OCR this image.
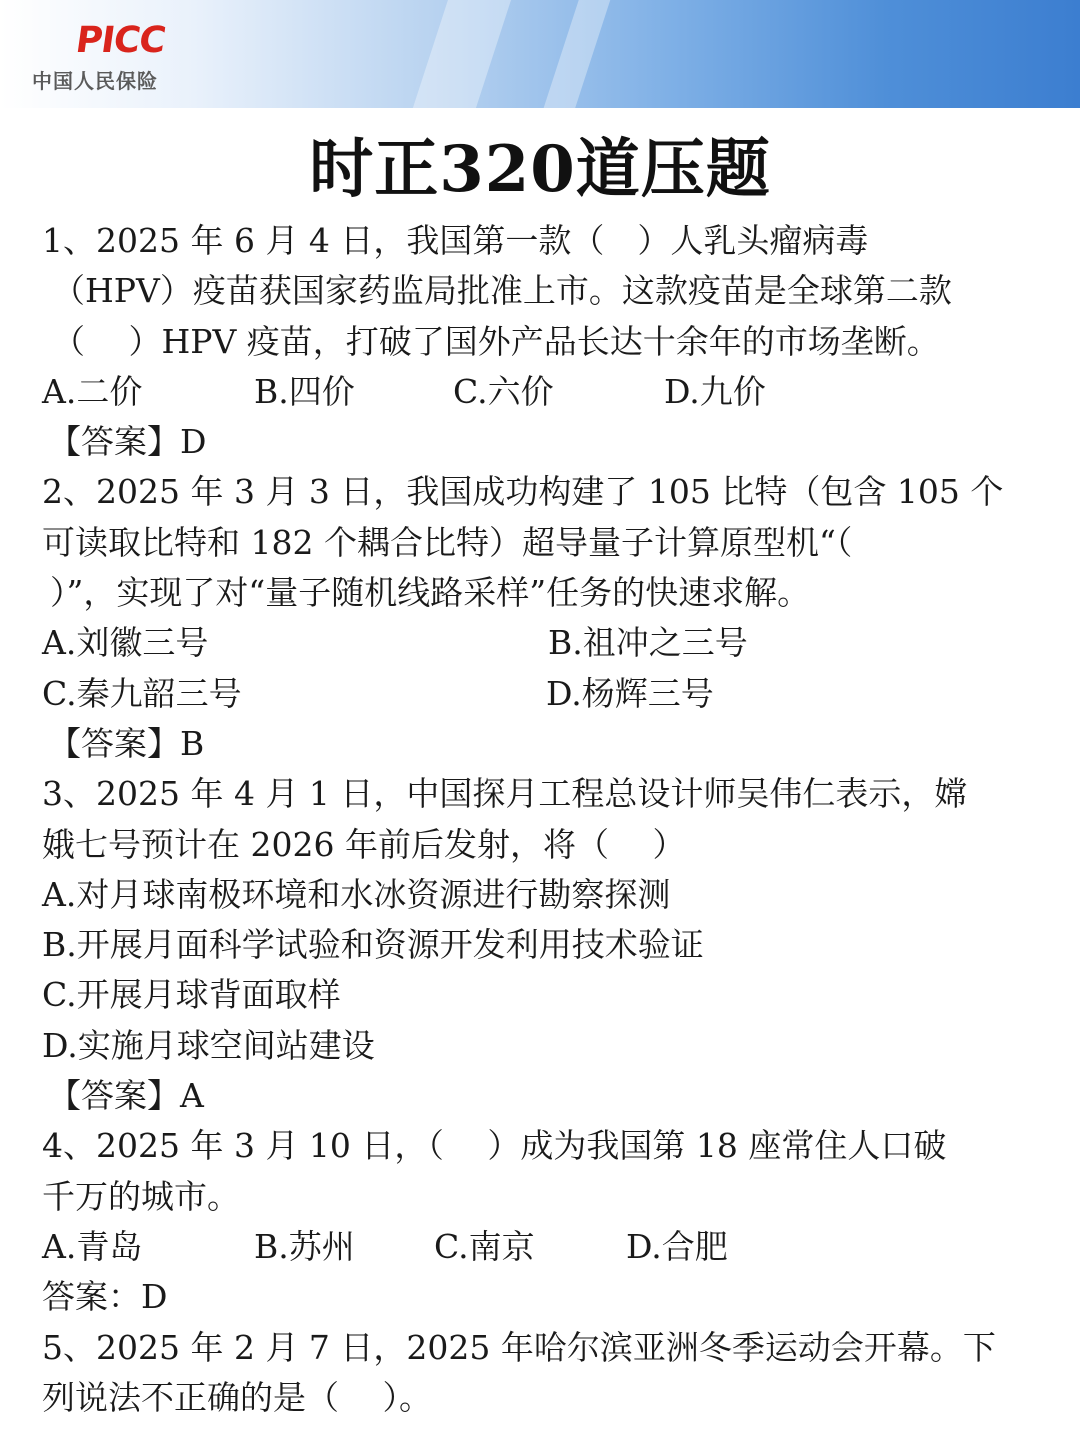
PICC
中国人民保险
时正320道压题
1、2025 年 6 月 4 日，我国第一款（　）人乳头瘤病毒
（HPV）疫苗获国家药监局批准上市。这款疫苗是全球第二款
（　 ）HPV 疫苗，打破了国外产品长达十余年的市场垄断。
A.二价	B.四价	C.六价	D.九价
【答案】D
2、2025 年 3 月 3 日，我国成功构建了 105 比特（包含 105 个
可读取比特和 182 个耦合比特）超导量子计算原型机“（
）”，实现了对“量子随机线路采样”任务的快速求解。
A.刘徽三号	B.祖冲之三号
C.秦九韶三号	D.杨辉三号
【答案】B
3、2025 年 4 月 1 日，中国探月工程总设计师吴伟仁表示，嫦
娥七号预计在 2026 年前后发射，将（　 ）
A.对月球南极环境和水冰资源进行勘察探测
B.开展月面科学试验和资源开发利用技术验证
C.开展月球背面取样
D.实施月球空间站建设
【答案】A
4、2025 年 3 月 10 日，（　 ）成为我国第 18 座常住人口破
千万的城市。
A.青岛	B.苏州	C.南京	D.合肥
答案：D
5、2025 年 2 月 7 日，2025 年哈尔滨亚洲冬季运动会开幕。下
列说法不正确的是（　 ）。
